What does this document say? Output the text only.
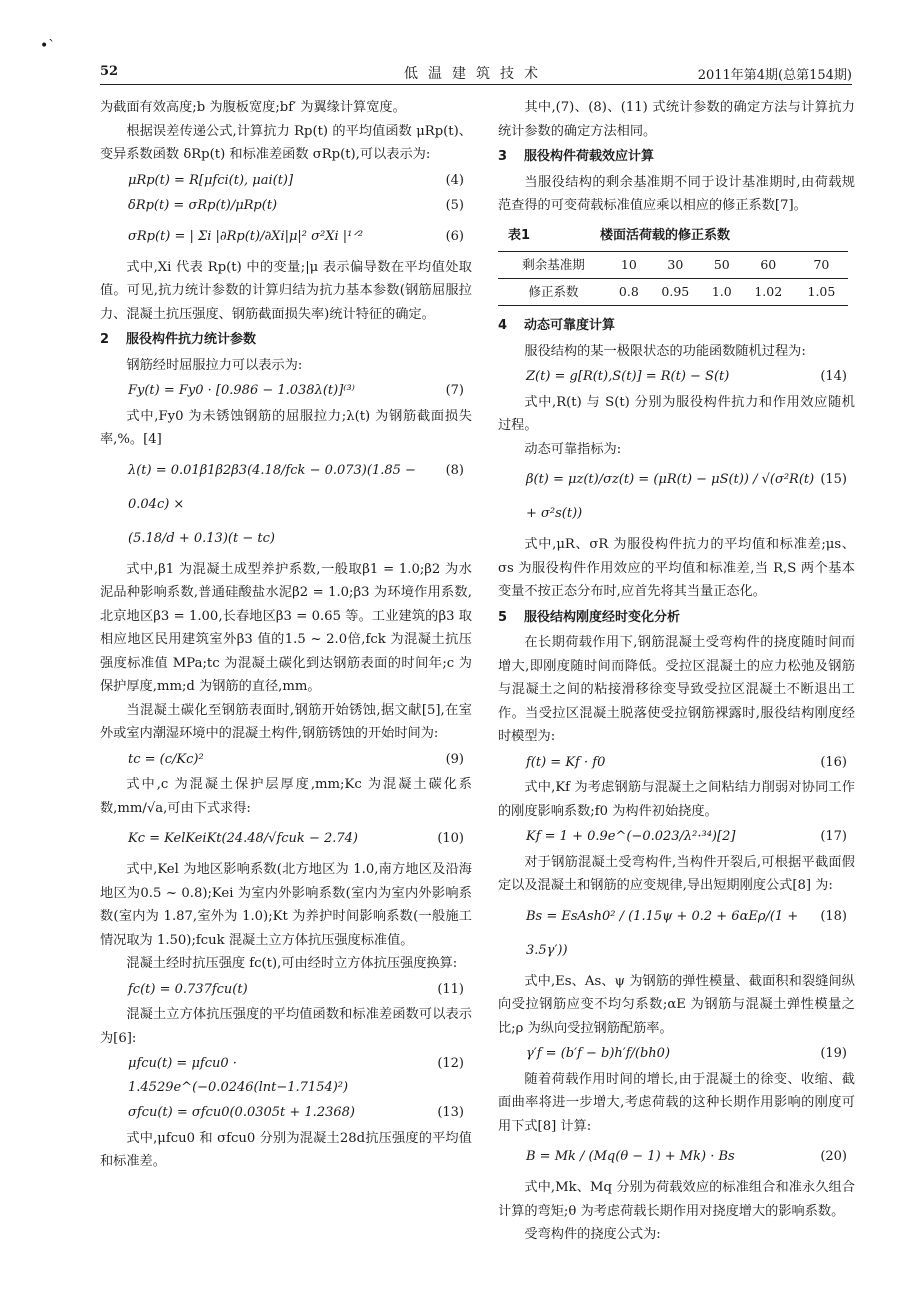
•ˋ
52	低温建筑技术	2011年第4期(总第154期)

为截面有效高度;b 为腹板宽度;bf′ 为翼缘计算宽度。

根据误差传递公式,计算抗力 Rp(t) 的平均值函数 μRp(t)、变异系数函数 δRp(t) 和标准差函数 σRp(t),可以表示为:

μRp(t) = R[μfci(t), μai(t)]	(4)
δRp(t) = σRp(t)/μRp(t)	(5)
σRp(t) = | Σi |∂Rp(t)/∂Xi|μ|² σ²Xi |¹ᐟ²	(6)

式中,Xi 代表 Rp(t) 中的变量;|μ 表示偏导数在平均值处取值。可见,抗力统计参数的计算归结为抗力基本参数(钢筋屈服拉力、混凝土抗压强度、钢筋截面损失率)统计特征的确定。

2 服役构件抗力统计参数

钢筋经时屈服拉力可以表示为:

Fy(t) = Fy0 · [0.986 − 1.038λ(t)]⁽³⁾	(7)

式中,Fy0 为未锈蚀钢筋的屈服拉力;λ(t) 为钢筋截面损失率,%。[4]

λ(t) = 0.01β1β2β3(4.18/fck − 0.073)(1.85 − 0.04c) ×
(5.18/d + 0.13)(t − tc)
(8)

式中,β1 为混凝土成型养护系数,一般取β1 = 1.0;β2 为水泥品种影响系数,普通硅酸盐水泥β2 = 1.0;β3 为环境作用系数,北京地区β3 = 1.00,长春地区β3 = 0.65 等。工业建筑的β3 取相应地区民用建筑室外β3 值的1.5 ~ 2.0倍,fck 为混凝土抗压强度标准值 MPa;tc 为混凝土碳化到达钢筋表面的时间年;c 为保护厚度,mm;d 为钢筋的直径,mm。

当混凝土碳化至钢筋表面时,钢筋开始锈蚀,据文献[5],在室外或室内潮湿环境中的混凝土构件,钢筋锈蚀的开始时间为:

tc = (c/Kc)²	(9)

式中,c 为混凝土保护层厚度,mm;Kc 为混凝土碳化系数,mm/√a,可由下式求得:

Kc = KelKeiKt(24.48/√fcuk − 2.74)	(10)

式中,Kel 为地区影响系数(北方地区为 1.0,南方地区及沿海地区为0.5 ~ 0.8);Kei 为室内外影响系数(室内为室内外影响系数(室内为 1.87,室外为 1.0);Kt 为养护时间影响系数(一般施工情况取为 1.50);fcuk 混凝土立方体抗压强度标准值。

混凝土经时抗压强度 fc(t),可由经时立方体抗压强度换算:

fc(t) = 0.737fcu(t)	(11)

混凝土立方体抗压强度的平均值函数和标准差函数可以表示为[6]:

μfcu(t) = μfcu0 · 1.4529e^(−0.0246(lnt−1.7154)²)
(12)
σfcu(t) = σfcu0(0.0305t + 1.2368)	(13)

式中,μfcu0 和 σfcu0 分别为混凝土28d抗压强度的平均值和标准差。

其中,(7)、(8)、(11) 式统计参数的确定方法与计算抗力统计参数的确定方法相同。

3 服役构件荷载效应计算

当服役结构的剩余基准期不同于设计基准期时,由荷载规范查得的可变荷载标准值应乘以相应的修正系数[7]。

表1	楼面活荷载的修正系数
剩余基准期	10	30	50	60	70
修正系数	0.8	0.95	1.0	1.02	1.05
4 动态可靠度计算

服役结构的某一极限状态的功能函数随机过程为:

Z(t) = g[R(t),S(t)] = R(t) − S(t)	(14)

式中,R(t) 与 S(t) 分别为服役构件抗力和作用效应随机过程。

动态可靠指标为:

β(t) = μz(t)/σz(t) = (μR(t) − μS(t)) / √(σ²R(t) + σ²s(t))
(15)

式中,μR、σR 为服役构件抗力的平均值和标准差;μs、σs 为服役构件作用效应的平均值和标准差,当 R,S 两个基本变量不按正态分布时,应首先将其当量正态化。

5 服役结构刚度经时变化分析

在长期荷载作用下,钢筋混凝土受弯构件的挠度随时间而增大,即刚度随时间而降低。受拉区混凝土的应力松弛及钢筋与混凝土之间的粘接滑移徐变导致受拉区混凝土不断退出工作。当受拉区混凝土脱落使受拉钢筋裸露时,服役结构刚度经时模型为:

f(t) = Kf · f0	(16)

式中,Kf 为考虑钢筋与混凝土之间粘结力削弱对协同工作的刚度影响系数;f0 为构件初始挠度。

Kf = 1 + 0.9e^(−0.023/λ²·³⁴)[2]	(17)

对于钢筋混凝土受弯构件,当构件开裂后,可根据平截面假定以及混凝土和钢筋的应变规律,导出短期刚度公式[8] 为:

Bs = EsAsh0² / (1.15ψ + 0.2 + 6αEρ/(1 + 3.5γ′))
(18)

式中,Es、As、ψ 为钢筋的弹性模量、截面积和裂缝间纵向受拉钢筋应变不均匀系数;αE 为钢筋与混凝土弹性模量之比;ρ 为纵向受拉钢筋配筋率。

γ′f = (b′f − b)h′f/(bh0)	(19)

随着荷载作用时间的增长,由于混凝土的徐变、收缩、截面曲率将进一步增大,考虑荷载的这种长期作用影响的刚度可用下式[8] 计算:

B = Mk / (Mq(θ − 1) + Mk) · Bs	(20)

式中,Mk、Mq 分别为荷载效应的标准组合和准永久组合计算的弯矩;θ 为考虑荷载长期作用对挠度增大的影响系数。

受弯构件的挠度公式为:
